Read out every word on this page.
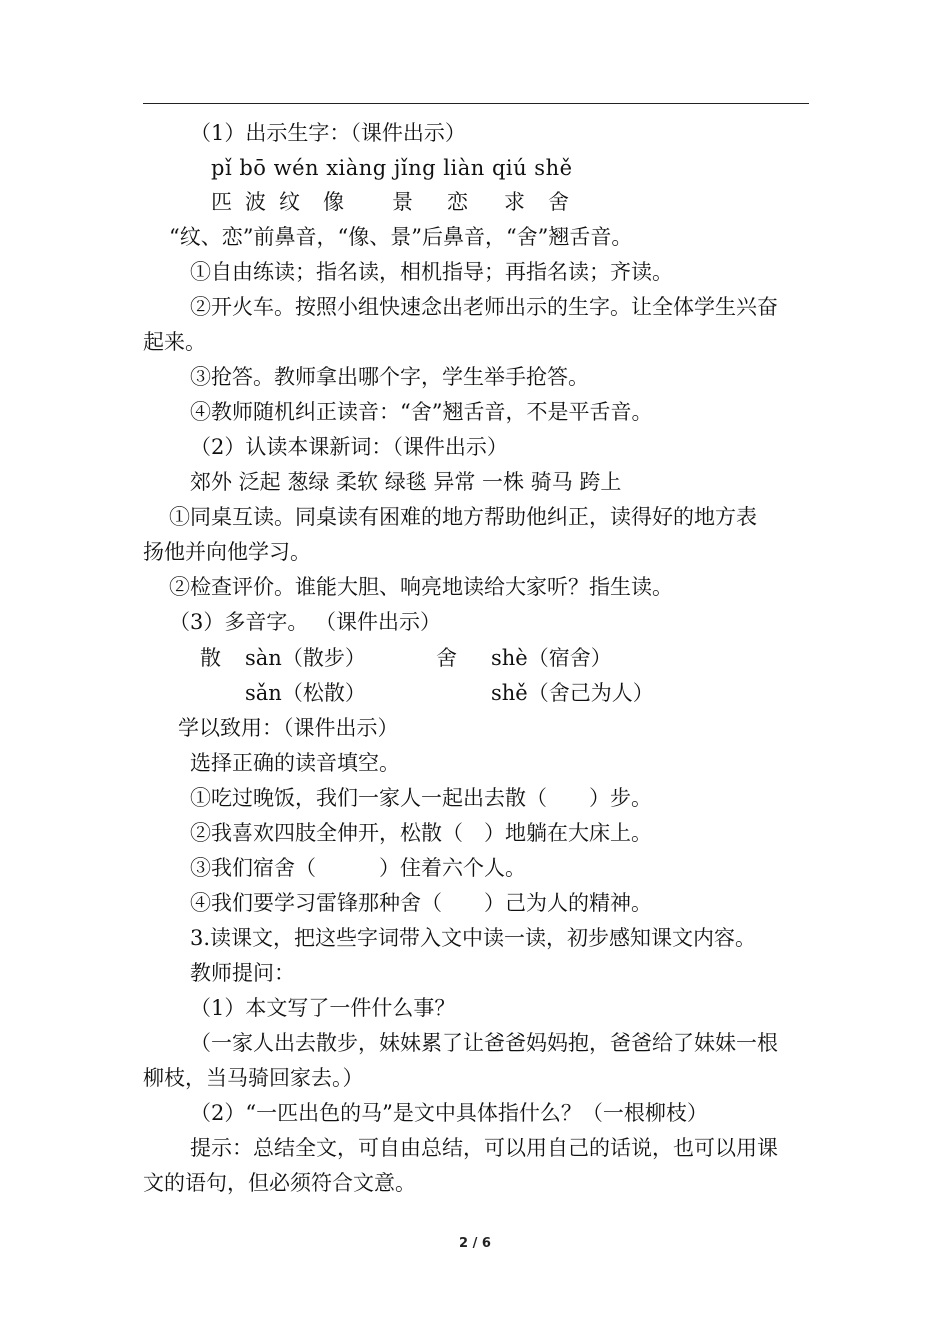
（1）出示生字：（课件出示）
pǐ bō wén xiàng jǐng liàn qiú shě

匹

波

纹

像

景

恋

求

舍

“纹、恋”前鼻音，“像、景”后鼻音，“舍”翘舌音。
①自由练读；指名读，相机指导；再指名读；齐读。
②开火车。按照小组快速念出老师出示的生字。让全体学生兴奋
起来。
③抢答。教师拿出哪个字，学生举手抢答。
④教师随机纠正读音：“舍”翘舌音，不是平舌音。
（2）认读本课新词：（课件出示）
郊外 泛起 葱绿 柔软 绿毯 异常 一株 骑马 跨上
①同桌互读。同桌读有困难的地方帮助他纠正，读得好的地方表
扬他并向他学习。
②检查评价。谁能大胆、响亮地读给大家听？指生读。
（3）多音字。 （课件出示）
散 sàn（散步）	舍 shè（宿舍）
sǎn（松散）	shě（舍己为人）
学以致用：（课件出示）
选择正确的读音填空。
①吃过晚饭，我们一家人一起出去散（　　）步。
②我喜欢四肢全伸开，松散（　）地躺在大床上。
③我们宿舍（　　　）住着六个人。
④我们要学习雷锋那种舍（　　）己为人的精神。
3.读课文，把这些字词带入文中读一读，初步感知课文内容。
教师提问：
（1）本文写了一件什么事？
（一家人出去散步，妹妹累了让爸爸妈妈抱，爸爸给了妹妹一根
柳枝，当马骑回家去。）
（2）“一匹出色的马”是文中具体指什么？（一根柳枝）
提示：总结全文，可自由总结，可以用自己的话说，也可以用课
文的语句，但必须符合文意。
2 / 6
